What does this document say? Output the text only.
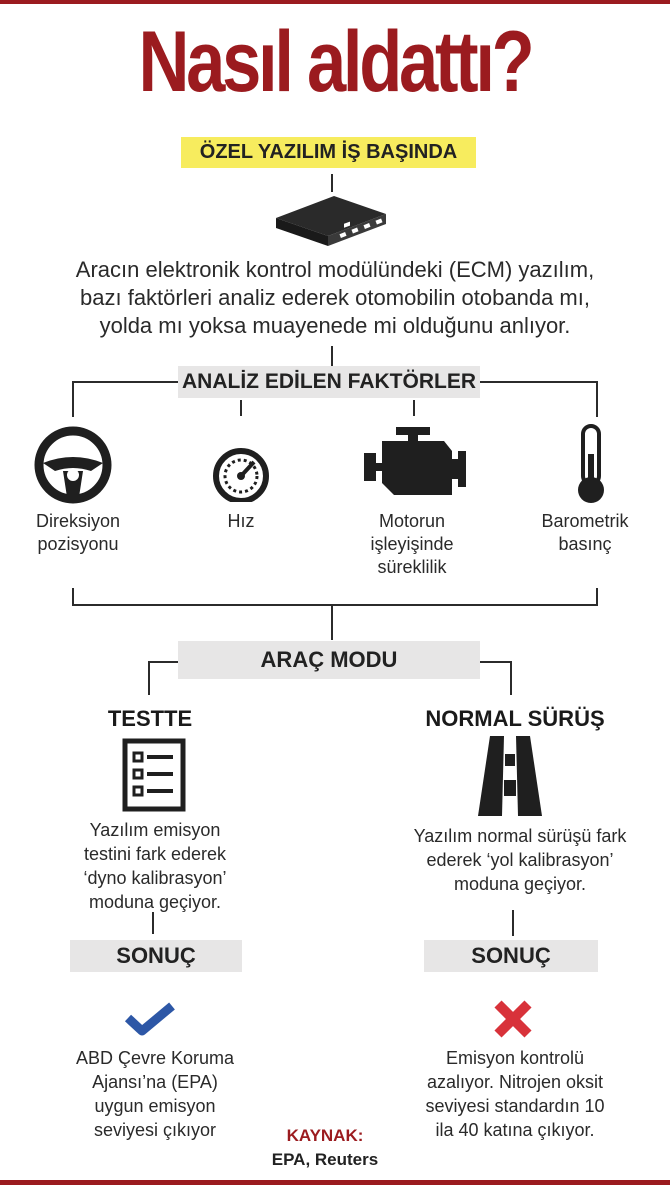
Nasıl aldattı?
ÖZEL YAZILIM İŞ BAŞINDA
Aracın elektronik kontrol modülündeki (ECM) yazılım,
bazı faktörleri analiz ederek otomobilin otobanda mı,
yolda mı yoksa muayenede mi olduğunu anlıyor.
ANALİZ EDİLEN FAKTÖRLER
Direksiyon
pozisyonu
Hız	Motorun
işleyişinde
süreklilik
Barometrik
basınç
ARAÇ MODU
TESTTE	NORMAL SÜRÜŞ
Yazılım emisyon
testini fark ederek
‘dyno kalibrasyon’
moduna geçiyor.
Yazılım normal sürüşü fark
ederek ‘yol kalibrasyon’
moduna geçiyor.
SONUÇ	SONUÇ
ABD Çevre Koruma
Ajansı’na (EPA)
uygun emisyon
seviyesi çıkıyor
Emisyon kontrolü
azalıyor. Nitrojen oksit
seviyesi standardın 10
ila 40 katına çıkıyor.
KAYNAK:
EPA, Reuters
